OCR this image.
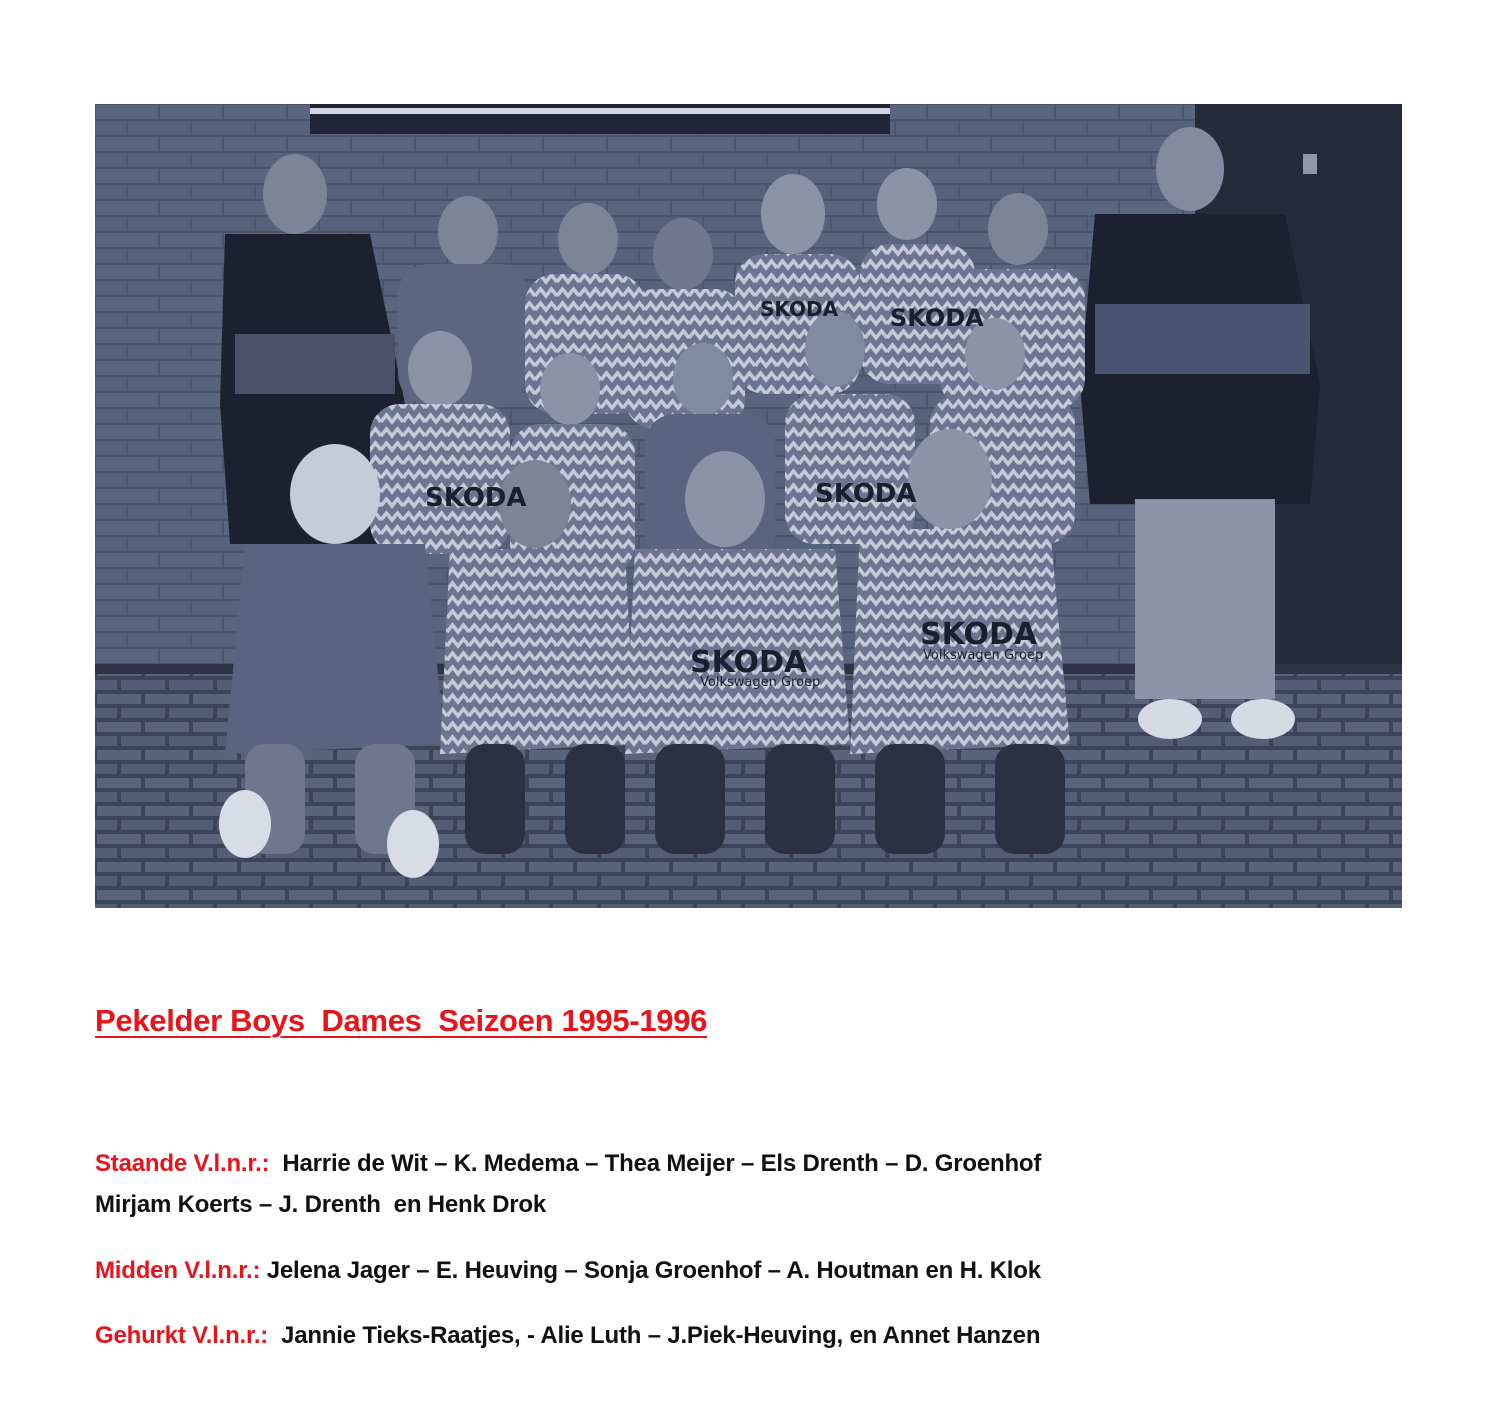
SKODA
SKODA
SKODA
SKODA
SKODA
SKODA
Volkswagen Groep
Volkswagen Groep
Pekelder Boys  Dames  Seizoen 1995-1996
Staande V.l.n.r.: Harrie de Wit – K. Medema – Thea Meijer – Els Drenth – D. Groenhof
Mirjam Koerts – J. Drenth  en Henk Drok
Midden V.l.n.r.: Jelena Jager – E. Heuving – Sonja Groenhof – A. Houtman en H. Klok
Gehurkt V.l.n.r.: Jannie Tieks-Raatjes, - Alie Luth – J.Piek-Heuving, en Annet Hanzen
